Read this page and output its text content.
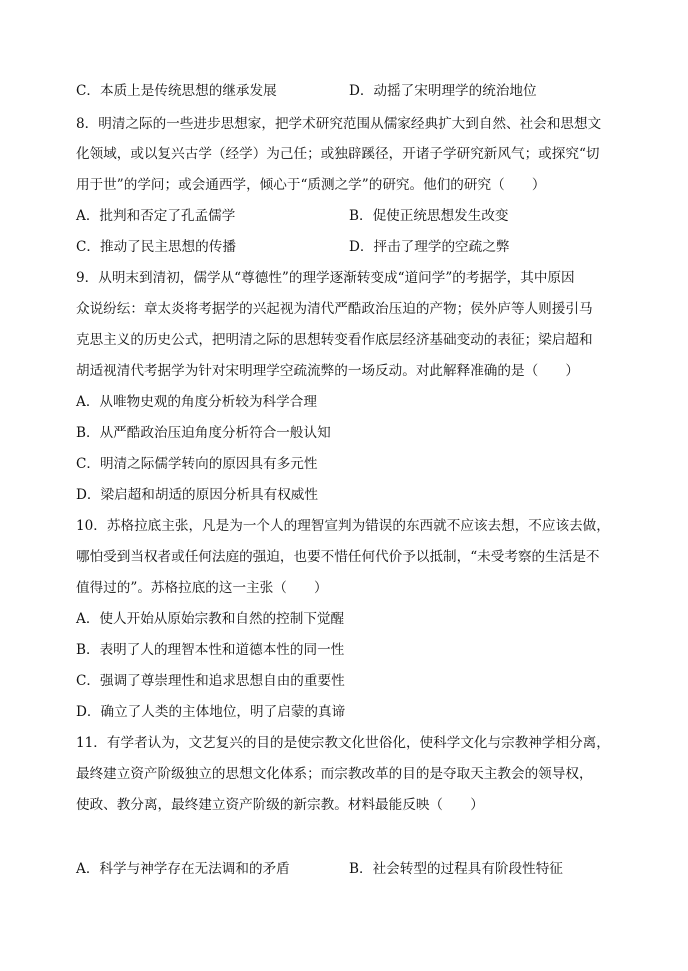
C．本质上是传统思想的继承发展	D．动摇了宋明理学的统治地位
8．明清之际的一些进步思想家，把学术研究范围从儒家经典扩大到自然、社会和思想文
化领域，或以复兴古学（经学）为己任；或独辟蹊径，开诸子学研究新风气；或探究“切
用于世”的学问；或会通西学，倾心于“质测之学”的研究。他们的研究（　　）
A．批判和否定了孔孟儒学	B．促使正统思想发生改变
C．推动了民主思想的传播	D．抨击了理学的空疏之弊
9．从明末到清初，儒学从“尊德性”的理学逐渐转变成“道问学”的考据学，其中原因
众说纷纭：章太炎将考据学的兴起视为清代严酷政治压迫的产物；侯外庐等人则援引马
克思主义的历史公式，把明清之际的思想转变看作底层经济基础变动的表征；梁启超和
胡适视清代考据学为针对宋明理学空疏流弊的一场反动。对此解释准确的是（　　）
A．从唯物史观的角度分析较为科学合理
B．从严酷政治压迫角度分析符合一般认知
C．明清之际儒学转向的原因具有多元性
D．梁启超和胡适的原因分析具有权威性
10．苏格拉底主张，凡是为一个人的理智宣判为错误的东西就不应该去想，不应该去做，
哪怕受到当权者或任何法庭的强迫，也要不惜任何代价予以抵制，“未受考察的生活是不
值得过的”。苏格拉底的这一主张（　　）
A．使人开始从原始宗教和自然的控制下觉醒
B．表明了人的理智本性和道德本性的同一性
C．强调了尊崇理性和追求思想自由的重要性
D．确立了人类的主体地位，明了启蒙的真谛
11．有学者认为，文艺复兴的目的是使宗教文化世俗化，使科学文化与宗教神学相分离，
最终建立资产阶级独立的思想文化体系；而宗教改革的目的是夺取天主教会的领导权，
使政、教分离，最终建立资产阶级的新宗教。材料最能反映（　　）
A．科学与神学存在无法调和的矛盾	B．社会转型的过程具有阶段性特征
